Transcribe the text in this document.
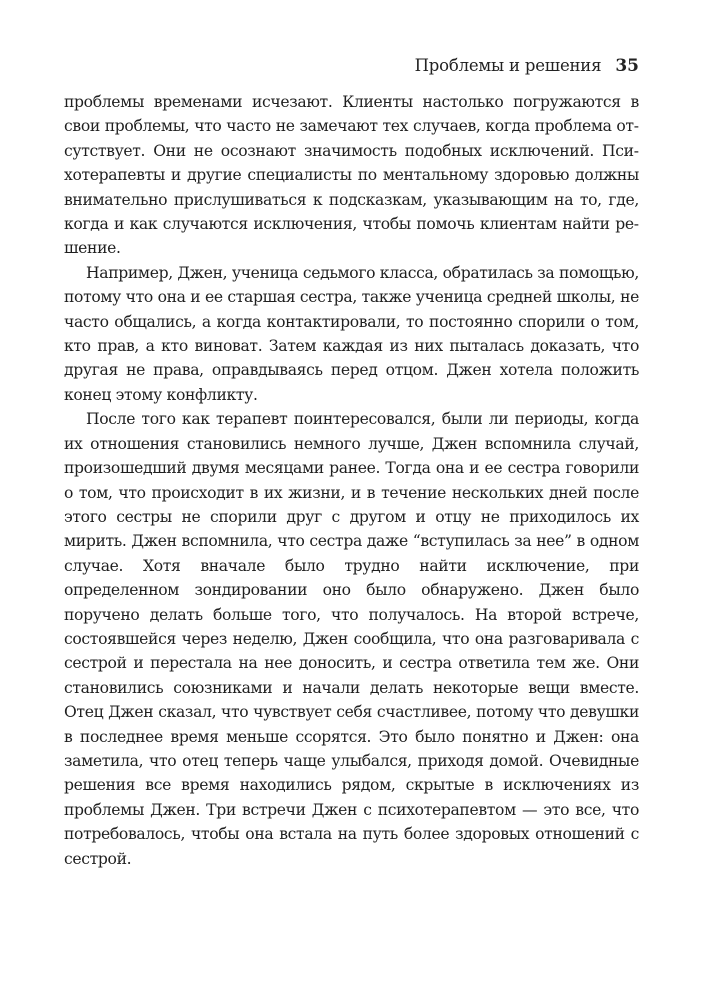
Проблемы и решения 35

проблемы временами исчезают. Клиенты настолько погружаются в свои проблемы, что часто не замечают тех случаев, когда проблема отсутствует. Они не осознают значимость подобных исключений. Психотерапевты и другие специалисты по ментальному здоровью должны внимательно прислушиваться к подсказкам, указывающим на то, где, когда и как случаются исключения, чтобы помочь клиентам найти решение.

Например, Джен, ученица седьмого класса, обратилась за помощью, потому что она и ее старшая сестра, также ученица средней школы, не часто общались, а когда контактировали, то постоянно спорили о том, кто прав, а кто виноват. Затем каждая из них пыталась доказать, что другая не права, оправдываясь перед отцом. Джен хотела положить конец этому конфликту.

После того как терапевт поинтересовался, были ли периоды, когда их отношения становились немного лучше, Джен вспомнила случай, произошедший двумя месяцами ранее. Тогда она и ее сестра говорили о том, что происходит в их жизни, и в течение нескольких дней после этого сестры не спорили друг с другом и отцу не приходилось их мирить. Джен вспомнила, что сестра даже “вступилась за нее” в одном случае. Хотя вначале было трудно найти исключение, при определенном зондировании оно было обнаружено. Джен было поручено делать больше того, что получалось. На второй встрече, состоявшейся через неделю, Джен сообщила, что она разговаривала с сестрой и перестала на нее доносить, и сестра ответила тем же. Они становились союзниками и начали делать некоторые вещи вместе. Отец Джен сказал, что чувствует себя счастливее, потому что девушки в последнее время меньше ссорятся. Это было понятно и Джен: она заметила, что отец теперь чаще улыбался, приходя домой. Очевидные решения все время находились рядом, скрытые в исключениях из проблемы Джен. Три встречи Джен с психотерапевтом — это все, что потребовалось, чтобы она встала на путь более здоровых отношений с сестрой.
